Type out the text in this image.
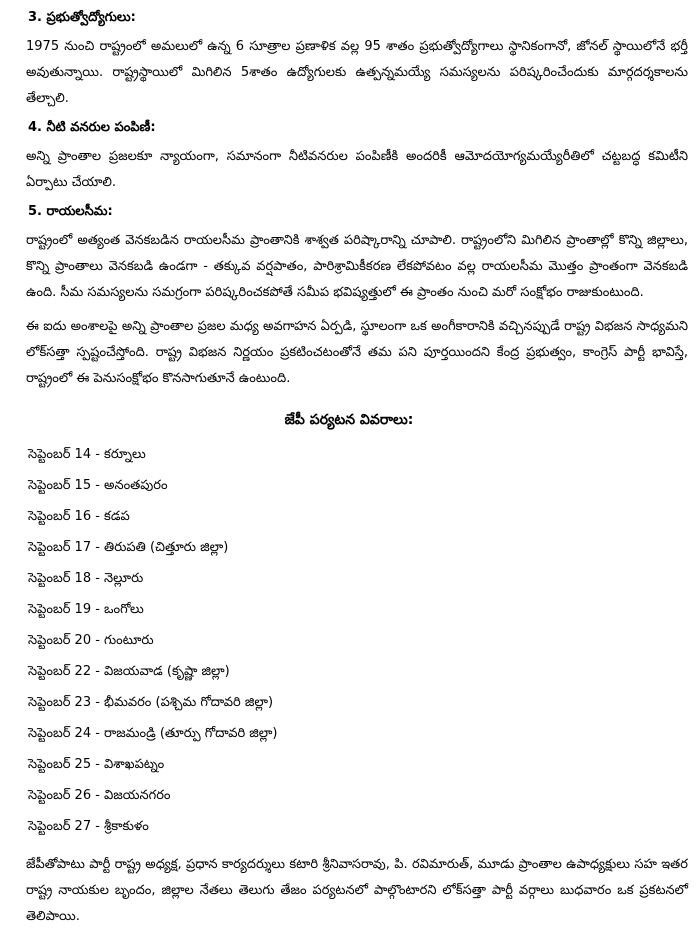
3. ప్రభుత్వోద్యోగులు:

1975 నుంచి రాష్ట్రంలో అమలులో ఉన్న 6 సూత్రాల ప్రణాళిక వల్ల 95 శాతం ప్రభుత్వోద్యోగాలు స్థానికంగానో, జోనల్ స్థాయిలోనే భర్తీ అవుతున్నాయి. రాష్ట్రస్థాయిలో మిగిలిన 5శాతం ఉద్యోగులకు ఉత్పన్నమయ్యే సమస్యలను పరిష్కరించేందుకు మార్గదర్శకాలను తేల్చాలి.

4. నీటి వనరుల పంపిణీ:

అన్ని ప్రాంతాల ప్రజలకూ న్యాయంగా, సమానంగా నీటివనరుల పంపిణీకి అందరికీ ఆమోదయోగ్యమయ్యేరీతిలో చట్టబద్ధ కమిటీని ఏర్పాటు చేయాలి.

5. రాయలసీమ:

రాష్ట్రంలో అత్యంత వెనకబడిన రాయలసీమ ప్రాంతానికి శాశ్వత పరిష్కారాన్ని చూపాలి. రాష్ట్రంలోని మిగిలిన ప్రాంతాల్లో కొన్ని జిల్లాలు, కొన్ని ప్రాంతాలు వెనకబడి ఉండగా - తక్కువ వర్షపాతం, పారిశ్రామికీకరణ లేకపోవటం వల్ల రాయలసీమ మొత్తం ప్రాంతంగా వెనకబడి ఉంది. సీమ సమస్యలను సమగ్రంగా పరిష్కరించకపోతే సమీప భవిష్యత్తులో ఈ ప్రాంతం నుంచి మరో సంక్షోభం రాజుకుంటుంది.

ఈ ఐదు అంశాలపై అన్ని ప్రాంతాల ప్రజల మధ్య అవగాహన ఏర్పడి, స్థూలంగా ఒక అంగీకారానికి వచ్చినప్పుడే రాష్ట్ర విభజన సాధ్యమని లోక్‌సత్తా స్పష్టంచేస్తోంది. రాష్ట్ర విభజన నిర్ణయం ప్రకటించటంతోనే తమ పని పూర్తయిందని కేంద్ర ప్రభుత్వం, కాంగ్రెస్ పార్టీ భావిస్తే, రాష్ట్రంలో ఈ పెనుసంక్షోభం కొనసాగుతూనే ఉంటుంది.

జేపీ పర్యటన వివరాలు:
సెప్టెంబర్ 14 - కర్నూలు
సెప్టెంబర్ 15 - అనంతపురం
సెప్టెంబర్ 16 - కడప
సెప్టెంబర్ 17 - తిరుపతి (చిత్తూరు జిల్లా)
సెప్టెంబర్ 18 - నెల్లూరు
సెప్టెంబర్ 19 - ఒంగోలు
సెప్టెంబర్ 20 - గుంటూరు
సెప్టెంబర్ 22 - విజయవాడ (కృష్ణా జిల్లా)
సెప్టెంబర్ 23 - భీమవరం (పశ్చిమ గోదావరి జిల్లా)
సెప్టెంబర్ 24 - రాజమండ్రి (తూర్పు గోదావరి జిల్లా)
సెప్టెంబర్ 25 - విశాఖపట్నం
సెప్టెంబర్ 26 - విజయనగరం
సెప్టెంబర్ 27 - శ్రీకాకుళం

జేపీతోపాటు పార్టీ రాష్ట్ర అధ్యక్ష, ప్రధాన కార్యదర్శులు కటారి శ్రీనివాసరావు, పి. రవిమారుత్, మూడు ప్రాంతాల ఉపాధ్యక్షులు సహ ఇతర రాష్ట్ర నాయకుల బృందం, జిల్లాల నేతలు తెలుగు తేజం పర్యటనలో పాల్గొంటారని లోక్‌సత్తా పార్టీ వర్గాలు బుధవారం ఒక ప్రకటనలో తెలిపాయి.
